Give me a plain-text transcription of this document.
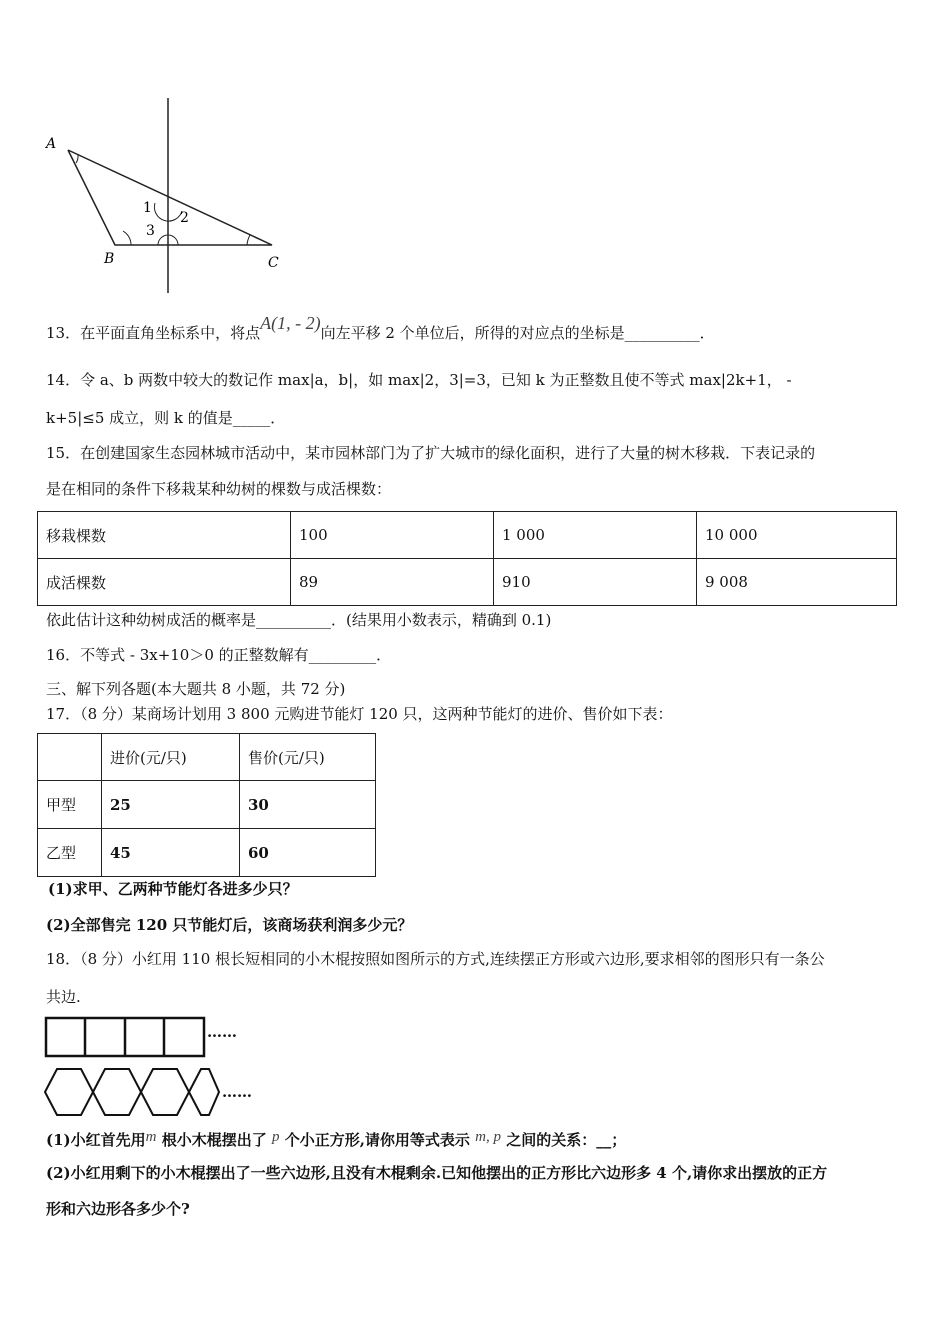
A
B	C
1
2
3
13．在平面直角坐标系中，将点A(1, - 2)向左平移 2 个单位后，所得的对应点的坐标是__________．
14．令 a、b 两数中较大的数记作 max|a，b|，如 max|2，3|=3，已知 k 为正整数且使不等式 max|2k+1， -
k+5|≤5 成立，则 k 的值是_____．
15．在创建国家生态园林城市活动中，某市园林部门为了扩大城市的绿化面积，进行了大量的树木移栽．下表记录的
是在相同的条件下移栽某种幼树的棵数与成活棵数：
移栽棵数	100	1 000	10 000
成活棵数	89	910	9 008
依此估计这种幼树成活的概率是__________．(结果用小数表示，精确到 0.1)
16．不等式 - 3x+10＞0 的正整数解有_________．
三、解下列各题(本大题共 8 小题，共 72 分)
17．（8 分）某商场计划用 3 800 元购进节能灯 120 只，这两种节能灯的进价、售价如下表：
	进价(元/只)	售价(元/只)
甲型	25	30
乙型	45	60
(1)求甲、乙两种节能灯各进多少只？
(2)全部售完 120 只节能灯后，该商场获利润多少元？
18．（8 分）小红用 110 根长短相同的小木棍按照如图所示的方式,连续摆正方形或六边形,要求相邻的图形只有一条公
共边.
……
……
(1)小红首先用m 根小木棍摆出了 p 个小正方形,请你用等式表示 m, p 之间的关系：__；
(2)小红用剩下的小木棍摆出了一些六边形,且没有木棍剩余.已知他摆出的正方形比六边形多 4 个,请你求出摆放的正方
形和六边形各多少个?
